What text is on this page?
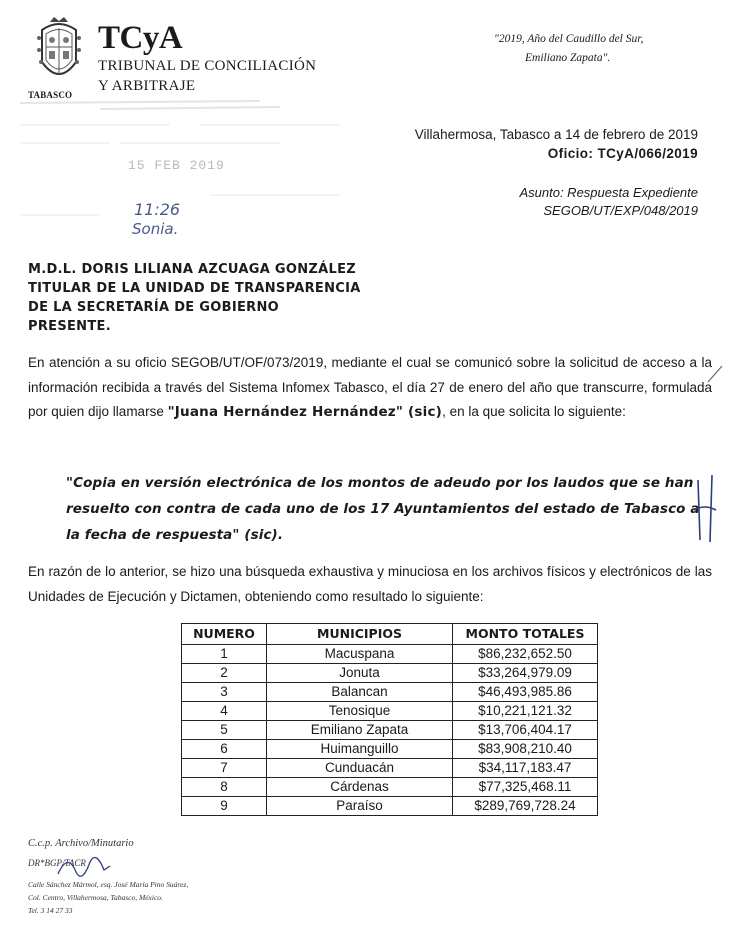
TABASCO
TCyA
TRIBUNAL DE CONCILIACIÓN
Y ARBITRAJE
"2019, Año del Caudillo del Sur,
Emiliano Zapata".
15 FEB 2019
11:26
Sonia.
Villahermosa, Tabasco a 14 de febrero de 2019
Oficio: TCyA/066/2019
Asunto: Respuesta Expediente
SEGOB/UT/EXP/048/2019
M.D.L. DORIS LILIANA AZCUAGA GONZÁLEZ
TITULAR DE LA UNIDAD DE TRANSPARENCIA
DE LA SECRETARÍA DE GOBIERNO
PRESENTE.

En atención a su oficio SEGOB/UT/OF/073/2019, mediante el cual se comunicó sobre la solicitud de acceso a la información recibida a través del Sistema Infomex Tabasco, el día 27 de enero del año que transcurre, formulada por quien dijo llamarse "Juana Hernández Hernández" (sic), en la que solicita lo siguiente:

"Copia en versión electrónica de los montos de adeudo por los laudos que se han resuelto con contra de cada uno de los 17 Ayuntamientos del estado de Tabasco a la fecha de respuesta" (sic).

En razón de lo anterior, se hizo una búsqueda exhaustiva y minuciosa en los archivos físicos y electrónicos de las Unidades de Ejecución y Dictamen, obteniendo como resultado lo siguiente:

NUMERO	MUNICIPIOS	MONTO TOTALES
1	Macuspana	$86,232,652.50
2	Jonuta	$33,264,979.09
3	Balancan	$46,493,985.86
4	Tenosique	$10,221,121.32
5	Emiliano Zapata	$13,706,404.17
6	Huimanguillo	$83,908,210.40
7	Cunduacán	$34,117,183.47
8	Cárdenas	$77,325,468.11
9	Paraíso	$289,769,728.24
C.c.p. Archivo/Minutario
DR*BGP/TACR
Calle Sánchez Mármol, esq. José María Pino Suárez,
Col. Centro, Villahermosa, Tabasco, México.
Tel. 3 14 27 33
